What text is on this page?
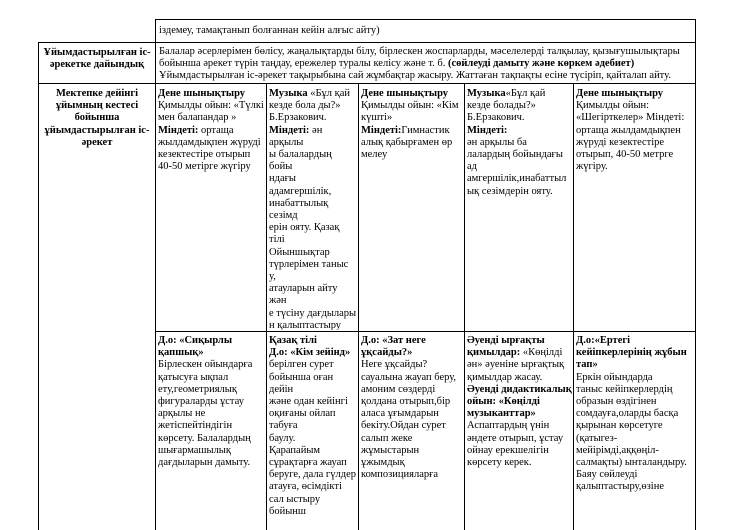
іздемеу, тамақтанып болғаннан кейін алғыс айту)

Ұйымдастырылған іс-әрекетке дайындық

Балалар әсерлерімен бөлісу, жаңалықтарды білу, бірлескен жоспарларды, мәселелерді талқылау, қызығушылықтары

бойынша әрекет түрін таңдау, ережелер туралы келісу және т. б. (сөйлеуді дамыту және көркем әдебиет)

Ұйымдастырылған іс-әрекет тақырыбына сай жұмбақтар жасыру. Жаттаған тақпақты есіне түсіріп, қайталап айту.

Мектепке дейінгі ұйымның кестесі бойынша ұйымдастырылған іс-әрекет

Дене шынықтыру

Қимылды ойын: «Түлкі
мен балапандар »

Міндеті: ортаща
жылдамдықпен жүруді
кезектестіре отырып
40-50 метірге жүгіру

Музыка «Бұл қай
кезде бола ды?»
Б.Ерзакович.

Міндеті: ән арқылы
ы балалардың бойы
ндағы адамгершілік,
инабаттылық сезімд
ерін ояту. Қазақ тілі
Ойыншықтар
түрлерімен таныс у,
атауларын айту жән
е түсіну дағдылары
н қалыптастыру

Дене шынықтыру

Қимылды ойын: «Кім
күшті»

Міндеті:Гимнастик
алық қабырғамен өр
мелеу

Музыка«Бұл қай
кезде болады?»
Б.Ерзакович.

Міндеті:
ән арқылы ба
лалардың бойындағы
ад
амгершілік,инабаттыл
ық сезімдерін ояту.

Дене шынықтыру

Қимылды ойын:
«Шегірткелер» Міндеті:
ортаща жылдамдықпен
жүруді кезектестіре
отырып, 40-50 метрге
жүгіру.

Д.о: «Сиқырлы
қапшық»

Бірлескен ойындарға
қатысуға ықпал
ету,геометриялық
фигураларды ұстау
арқылы не
жетіспейтіндігін
көрсету. Балалардың
шығармашылық
дағдыларын дамыту.

Қазақ тілі
Д.о: «Кім зейінд»

берілген сурет
бойынша оған дейін
және одан кейінгі
оқиғаны ойлап табуға
баулу.
Қарапайым
сұрақтарға жауап
беруге, дала гүлдер
атауға, өсімдікті
сал ыстыру бойынш

Д.о: «Зат неге
ұқсайды?»

Неге ұқсайды?
сауалына жауап беру,
амоним сөздерді
қолдана отырып,бір
аласа ұғымдарын
бекіту.Ойдан сурет
салып жеке
жұмыстарын
ұжымдық
композицияларға

Әуенді ырғақты
қимылдар: «Көңілді
ән» әуеніне ырғақтық
қимылдар жасау.

Әуенді дидактикалық
ойын: «Көңілді
музыканттар»

Аспаптардың үнін
әндете отырып, ұстау
ойнау ерекшелігін
көрсету керек.

Д.о:«Ертегі
кейіпкерлерінің жұбын
тап»

Еркін ойындарда
таныс кейіпкерлердің
образын өздігінен
сомдауға,оларды басқа
қырынан көрсетуге
(қатыгез-
мейірімді,аққөңіл-
салмақты) ынталандыру.
Баяу сөйлеуді
қалыптастыру,өзіне
